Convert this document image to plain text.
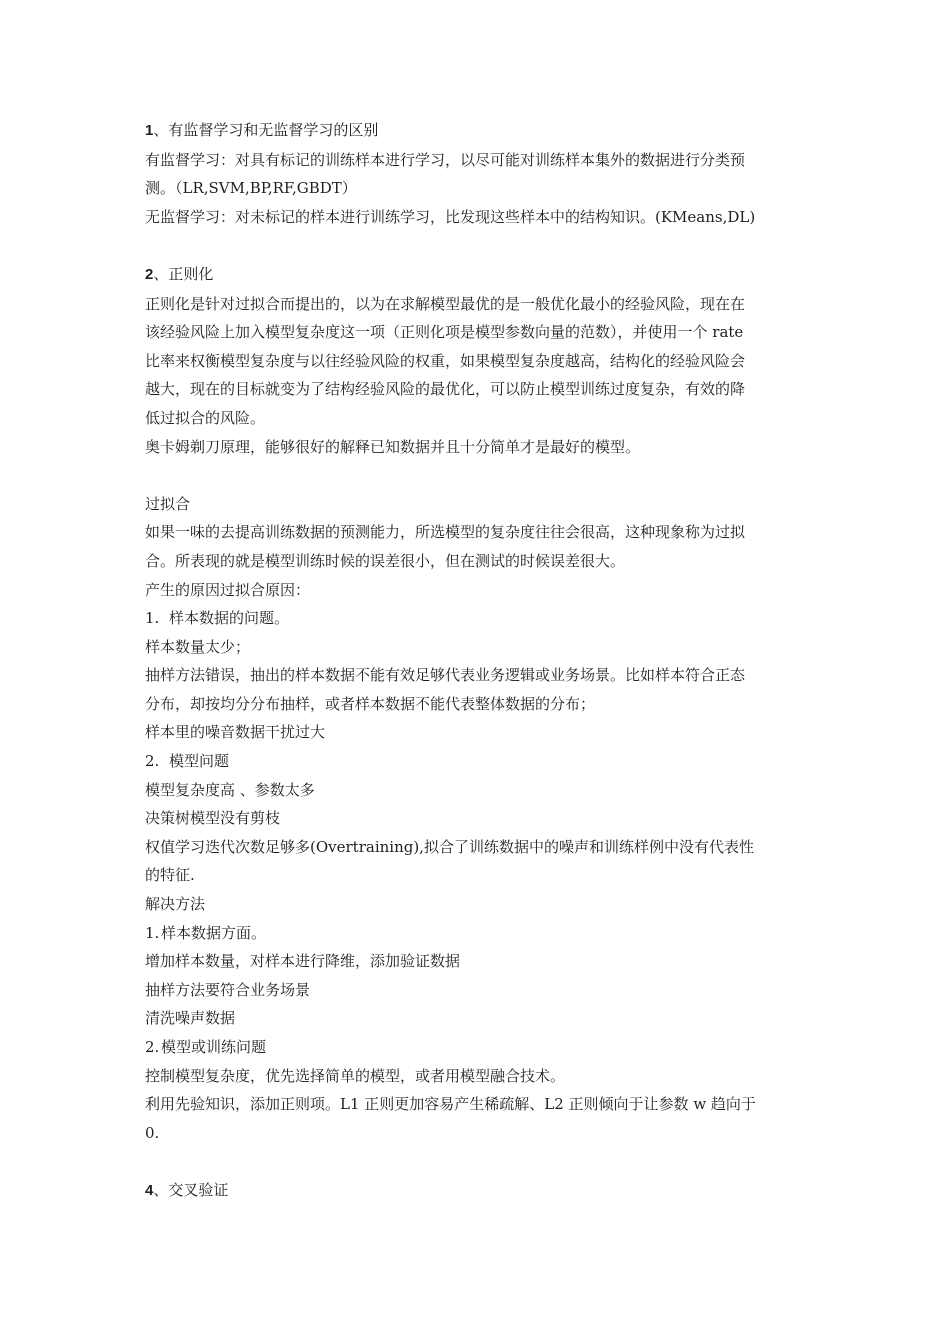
1、有监督学习和无监督学习的区别

有监督学习：对具有标记的训练样本进行学习，以尽可能对训练样本集外的数据进行分类预

测。（LR,SVM,BP,RF,GBDT）

无监督学习：对未标记的样本进行训练学习，比发现这些样本中的结构知识。(KMeans,DL)

2、正则化

正则化是针对过拟合而提出的，以为在求解模型最优的是一般优化最小的经验风险，现在在

该经验风险上加入模型复杂度这一项（正则化项是模型参数向量的范数），并使用一个 rate

比率来权衡模型复杂度与以往经验风险的权重，如果模型复杂度越高，结构化的经验风险会

越大，现在的目标就变为了结构经验风险的最优化，可以防止模型训练过度复杂，有效的降

低过拟合的风险。

奥卡姆剃刀原理，能够很好的解释已知数据并且十分简单才是最好的模型。

过拟合

如果一味的去提高训练数据的预测能力，所选模型的复杂度往往会很高，这种现象称为过拟

合。所表现的就是模型训练时候的误差很小，但在测试的时候误差很大。

产生的原因过拟合原因：

1. 样本数据的问题。

样本数量太少；

抽样方法错误，抽出的样本数据不能有效足够代表业务逻辑或业务场景。比如样本符合正态

分布，却按均分分布抽样，或者样本数据不能代表整体数据的分布；

样本里的噪音数据干扰过大

2. 模型问题

模型复杂度高 、参数太多

决策树模型没有剪枝

权值学习迭代次数足够多(Overtraining),拟合了训练数据中的噪声和训练样例中没有代表性

的特征.

解决方法

1. 样本数据方面。

增加样本数量，对样本进行降维，添加验证数据

抽样方法要符合业务场景

清洗噪声数据

2. 模型或训练问题

控制模型复杂度，优先选择简单的模型，或者用模型融合技术。

利用先验知识，添加正则项。L1 正则更加容易产生稀疏解、L2 正则倾向于让参数 w 趋向于

0.

4、交叉验证
